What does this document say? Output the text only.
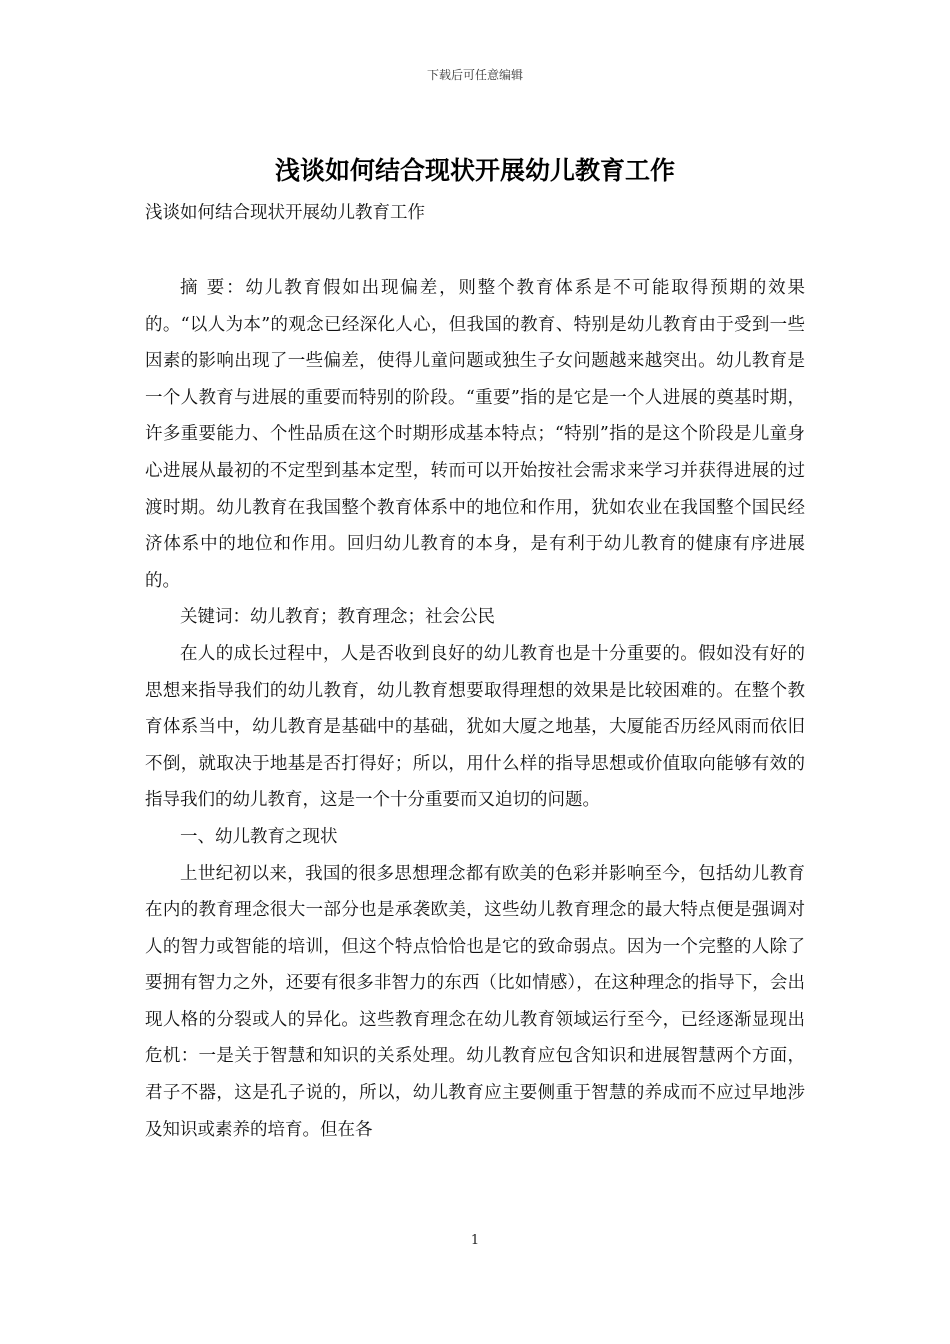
下载后可任意编辑
浅谈如何结合现状开展幼儿教育工作
浅谈如何结合现状开展幼儿教育工作

摘 要：幼儿教育假如出现偏差，则整个教育体系是不可能取得预期的效果的。“以人为本”的观念已经深化人心，但我国的教育、特别是幼儿教育由于受到一些因素的影响出现了一些偏差，使得儿童问题或独生子女问题越来越突出。幼儿教育是一个人教育与进展的重要而特别的阶段。“重要”指的是它是一个人进展的奠基时期，许多重要能力、个性品质在这个时期形成基本特点；“特别”指的是这个阶段是儿童身心进展从最初的不定型到基本定型，转而可以开始按社会需求来学习并获得进展的过渡时期。幼儿教育在我国整个教育体系中的地位和作用，犹如农业在我国整个国民经济体系中的地位和作用。回归幼儿教育的本身，是有利于幼儿教育的健康有序进展的。

关键词：幼儿教育；教育理念；社会公民

在人的成长过程中，人是否收到良好的幼儿教育也是十分重要的。假如没有好的思想来指导我们的幼儿教育，幼儿教育想要取得理想的效果是比较困难的。在整个教育体系当中，幼儿教育是基础中的基础，犹如大厦之地基，大厦能否历经风雨而依旧不倒，就取决于地基是否打得好；所以，用什么样的指导思想或价值取向能够有效的指导我们的幼儿教育，这是一个十分重要而又迫切的问题。

一、幼儿教育之现状

上世纪初以来，我国的很多思想理念都有欧美的色彩并影响至今，包括幼儿教育在内的教育理念很大一部分也是承袭欧美，这些幼儿教育理念的最大特点便是强调对人的智力或智能的培训，但这个特点恰恰也是它的致命弱点。因为一个完整的人除了要拥有智力之外，还要有很多非智力的东西（比如情感），在这种理念的指导下，会出现人格的分裂或人的异化。这些教育理念在幼儿教育领域运行至今，已经逐渐显现出危机：一是关于智慧和知识的关系处理。幼儿教育应包含知识和进展智慧两个方面，君子不器，这是孔子说的，所以，幼儿教育应主要侧重于智慧的养成而不应过早地涉及知识或素养的培育。但在各

1
